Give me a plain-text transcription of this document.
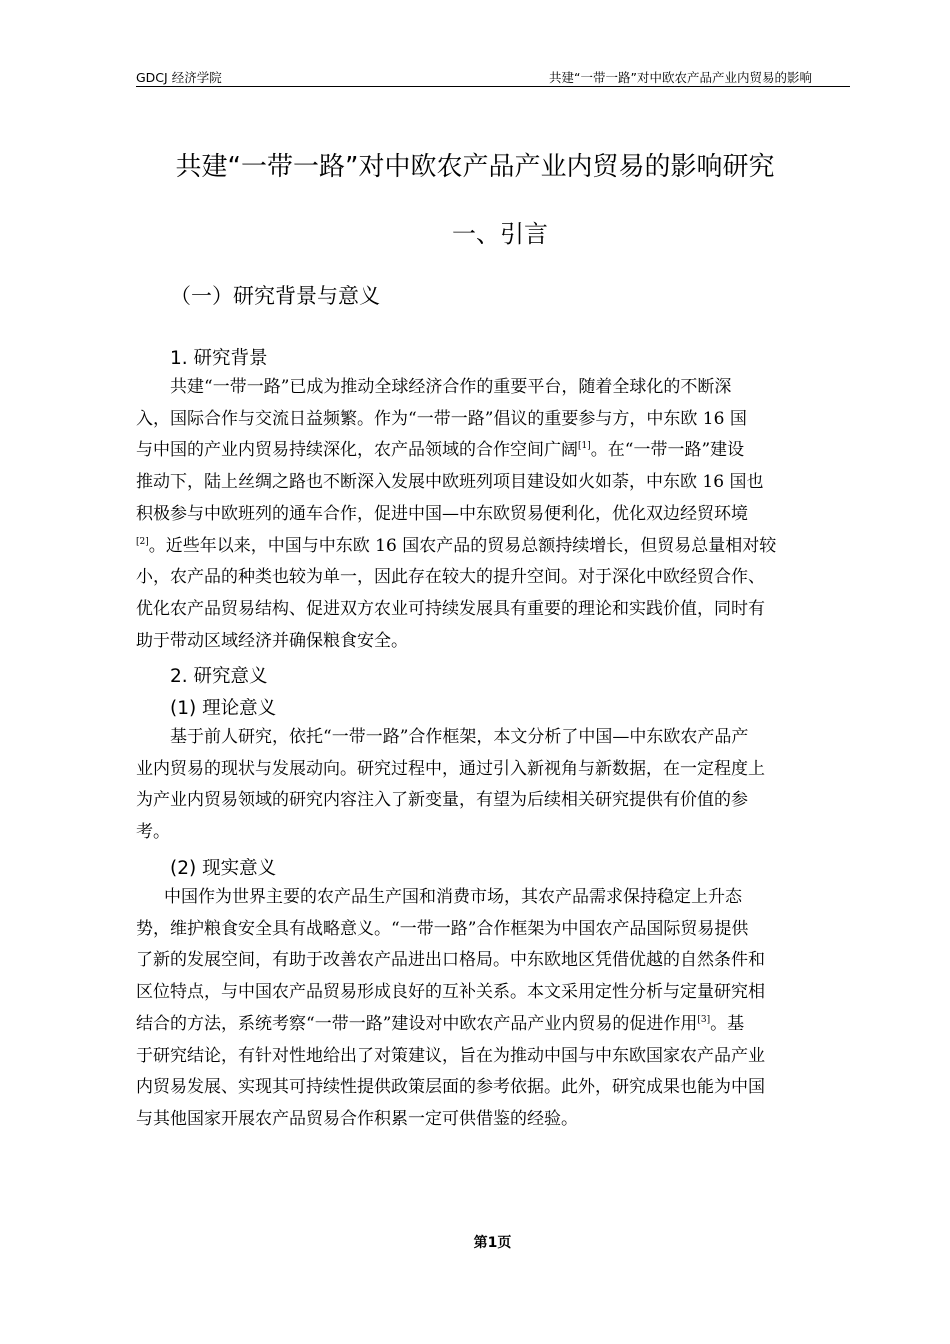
GDCJ 经济学院	共建“一带一路”对中欧农产品产业内贸易的影响
共建“一带一路”对中欧农产品产业内贸易的影响研究
一、引言
（一）研究背景与意义
1. 研究背景
共建“一带一路”已成为推动全球经济合作的重要平台，随着全球化的不断深
入，国际合作与交流日益频繁。作为“一带一路”倡议的重要参与方，中东欧 16 国
与中国的产业内贸易持续深化，农产品领域的合作空间广阔[1]。在“一带一路”建设
推动下，陆上丝绸之路也不断深入发展中欧班列项目建设如火如荼，中东欧 16 国也
积极参与中欧班列的通车合作，促进中国—中东欧贸易便利化，优化双边经贸环境
[2]。近些年以来，中国与中东欧 16 国农产品的贸易总额持续增长，但贸易总量相对较
小，农产品的种类也较为单一，因此存在较大的提升空间。对于深化中欧经贸合作、
优化农产品贸易结构、促进双方农业可持续发展具有重要的理论和实践价值，同时有
助于带动区域经济并确保粮食安全。
2. 研究意义
(1) 理论意义
基于前人研究，依托“一带一路”合作框架，本文分析了中国—中东欧农产品产
业内贸易的现状与发展动向。研究过程中，通过引入新视角与新数据，在一定程度上
为产业内贸易领域的研究内容注入了新变量，有望为后续相关研究提供有价值的参
考。
(2) 现实意义
中国作为世界主要的农产品生产国和消费市场，其农产品需求保持稳定上升态
势，维护粮食安全具有战略意义。“一带一路”合作框架为中国农产品国际贸易提供
了新的发展空间，有助于改善农产品进出口格局。中东欧地区凭借优越的自然条件和
区位特点，与中国农产品贸易形成良好的互补关系。本文采用定性分析与定量研究相
结合的方法，系统考察“一带一路”建设对中欧农产品产业内贸易的促进作用[3]。基
于研究结论，有针对性地给出了对策建议，旨在为推动中国与中东欧国家农产品产业
内贸易发展、实现其可持续性提供政策层面的参考依据。此外，研究成果也能为中国
与其他国家开展农产品贸易合作积累一定可供借鉴的经验。
第1页
